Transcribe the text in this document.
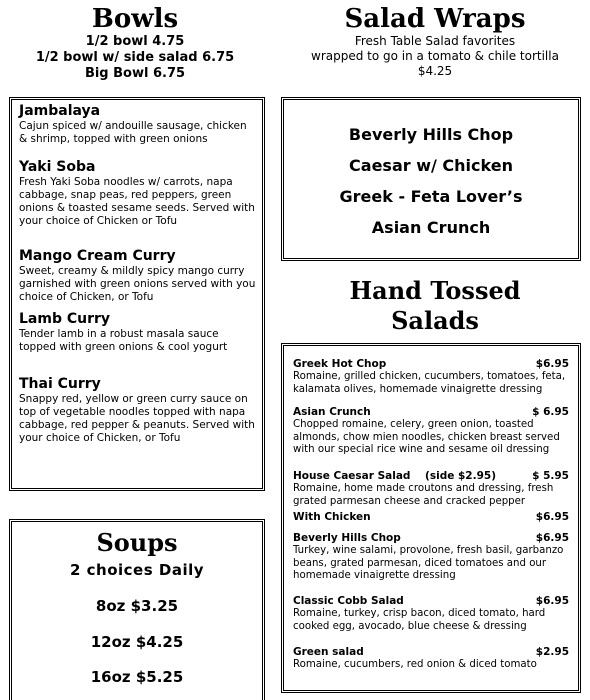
Bowls
1/2 bowl 4.75
1/2 bowl w/ side salad 6.75
Big Bowl 6.75
Salad Wraps
Fresh Table Salad favorites
wrapped to go in a tomato & chile tortilla
$4.25
Jambalaya
Cajun spiced w/ andouille sausage, chicken & shrimp, topped with green onions
Yaki Soba
Fresh Yaki Soba noodles w/ carrots, napa cabbage, snap peas, red peppers, green onions & toasted sesame seeds. Served with your choice of Chicken or Tofu
Mango Cream Curry
Sweet, creamy & mildly spicy mango curry garnished with green onions served with you choice of Chicken, or Tofu
Lamb Curry
Tender lamb in a robust masala sauce topped with green onions & cool yogurt
Thai Curry
Snappy red, yellow or green curry sauce on top of vegetable noodles topped with napa cabbage, red pepper & peanuts. Served with your choice of Chicken, or Tofu
Beverly Hills Chop
Caesar w/ Chicken
Greek - Feta Lover’s
Asian Crunch
Hand Tossed
Salads
Greek Hot Chop	$6.95
Romaine, grilled chicken, cucumbers, tomatoes, feta, kalamata olives, homemade vinaigrette dressing
Asian Crunch	$ 6.95
Chopped romaine, celery, green onion, toasted almonds, chow mien noodles, chicken breast served with our special rice wine and sesame oil dressing
House Caesar Salad    (side $2.95)	$ 5.95
Romaine, home made croutons and dressing, fresh grated parmesan cheese and cracked pepper
With Chicken	$6.95
Beverly Hills Chop	$6.95
Turkey, wine salami, provolone, fresh basil, garbanzo beans, grated parmesan, diced tomatoes and our homemade vinaigrette dressing
Classic Cobb Salad	$6.95
Romaine, turkey, crisp bacon, diced tomato, hard cooked egg, avocado, blue cheese & dressing
Green salad	$2.95
Romaine, cucumbers, red onion & diced tomato
Soups
2 choices Daily
8oz $3.25
12oz $4.25
16oz $5.25
